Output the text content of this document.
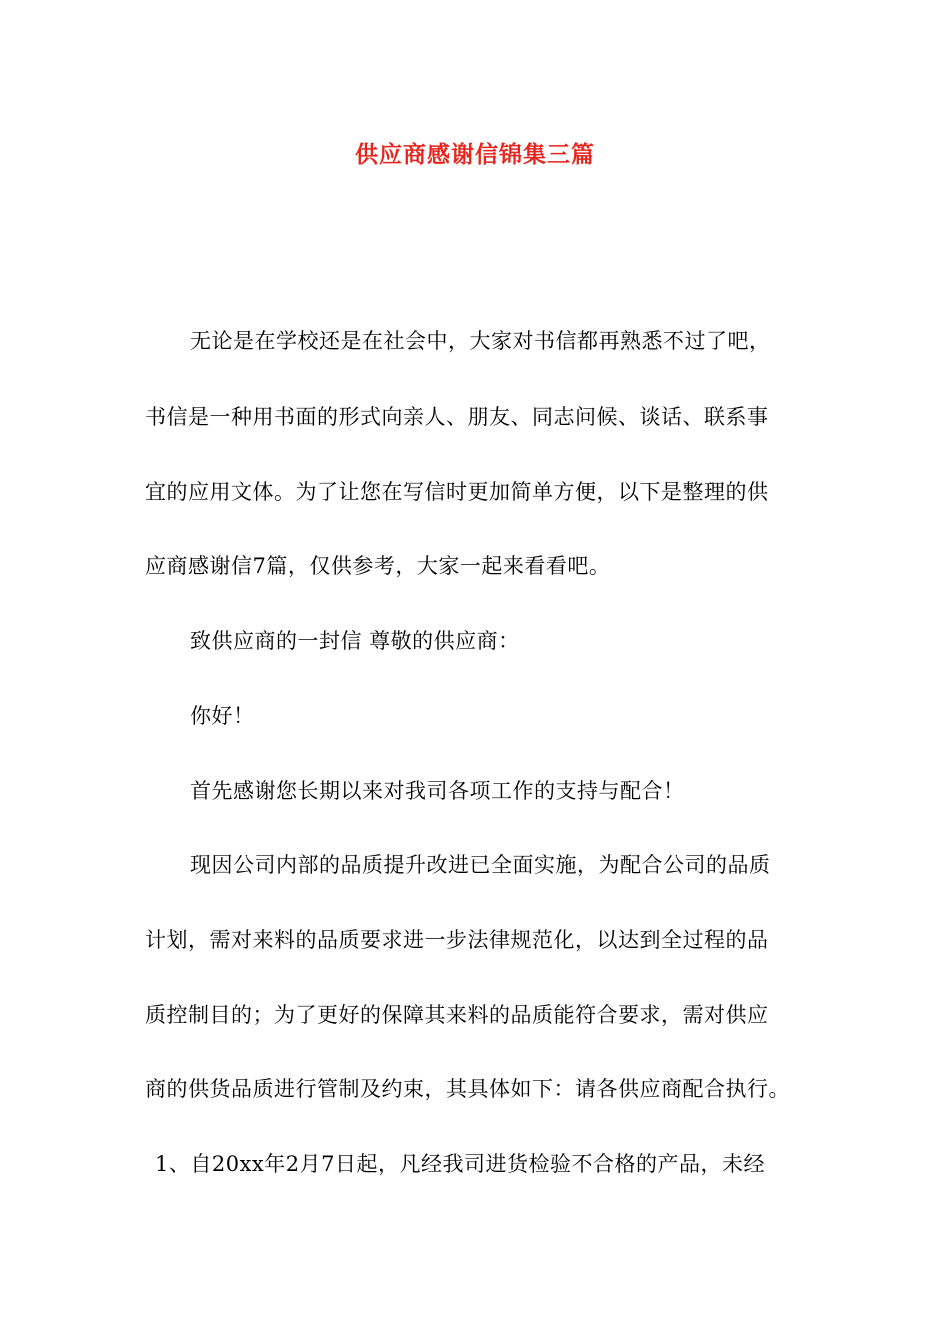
供应商感谢信锦集三篇
无论是在学校还是在社会中，大家对书信都再熟悉不过了吧，
书信是一种用书面的形式向亲人、朋友、同志问候、谈话、联系事
宜的应用文体。为了让您在写信时更加简单方便，以下是整理的供
应商感谢信7篇，仅供参考，大家一起来看看吧。
致供应商的一封信 尊敬的供应商：
你好！
首先感谢您长期以来对我司各项工作的支持与配合！
现因公司内部的品质提升改进已全面实施，为配合公司的品质
计划，需对来料的品质要求进一步法律规范化，以达到全过程的品
质控制目的；为了更好的保障其来料的品质能符合要求，需对供应
商的供货品质进行管制及约束，其具体如下：请各供应商配合执行。
1、自20xx年2月7日起，凡经我司进货检验不合格的产品，未经
